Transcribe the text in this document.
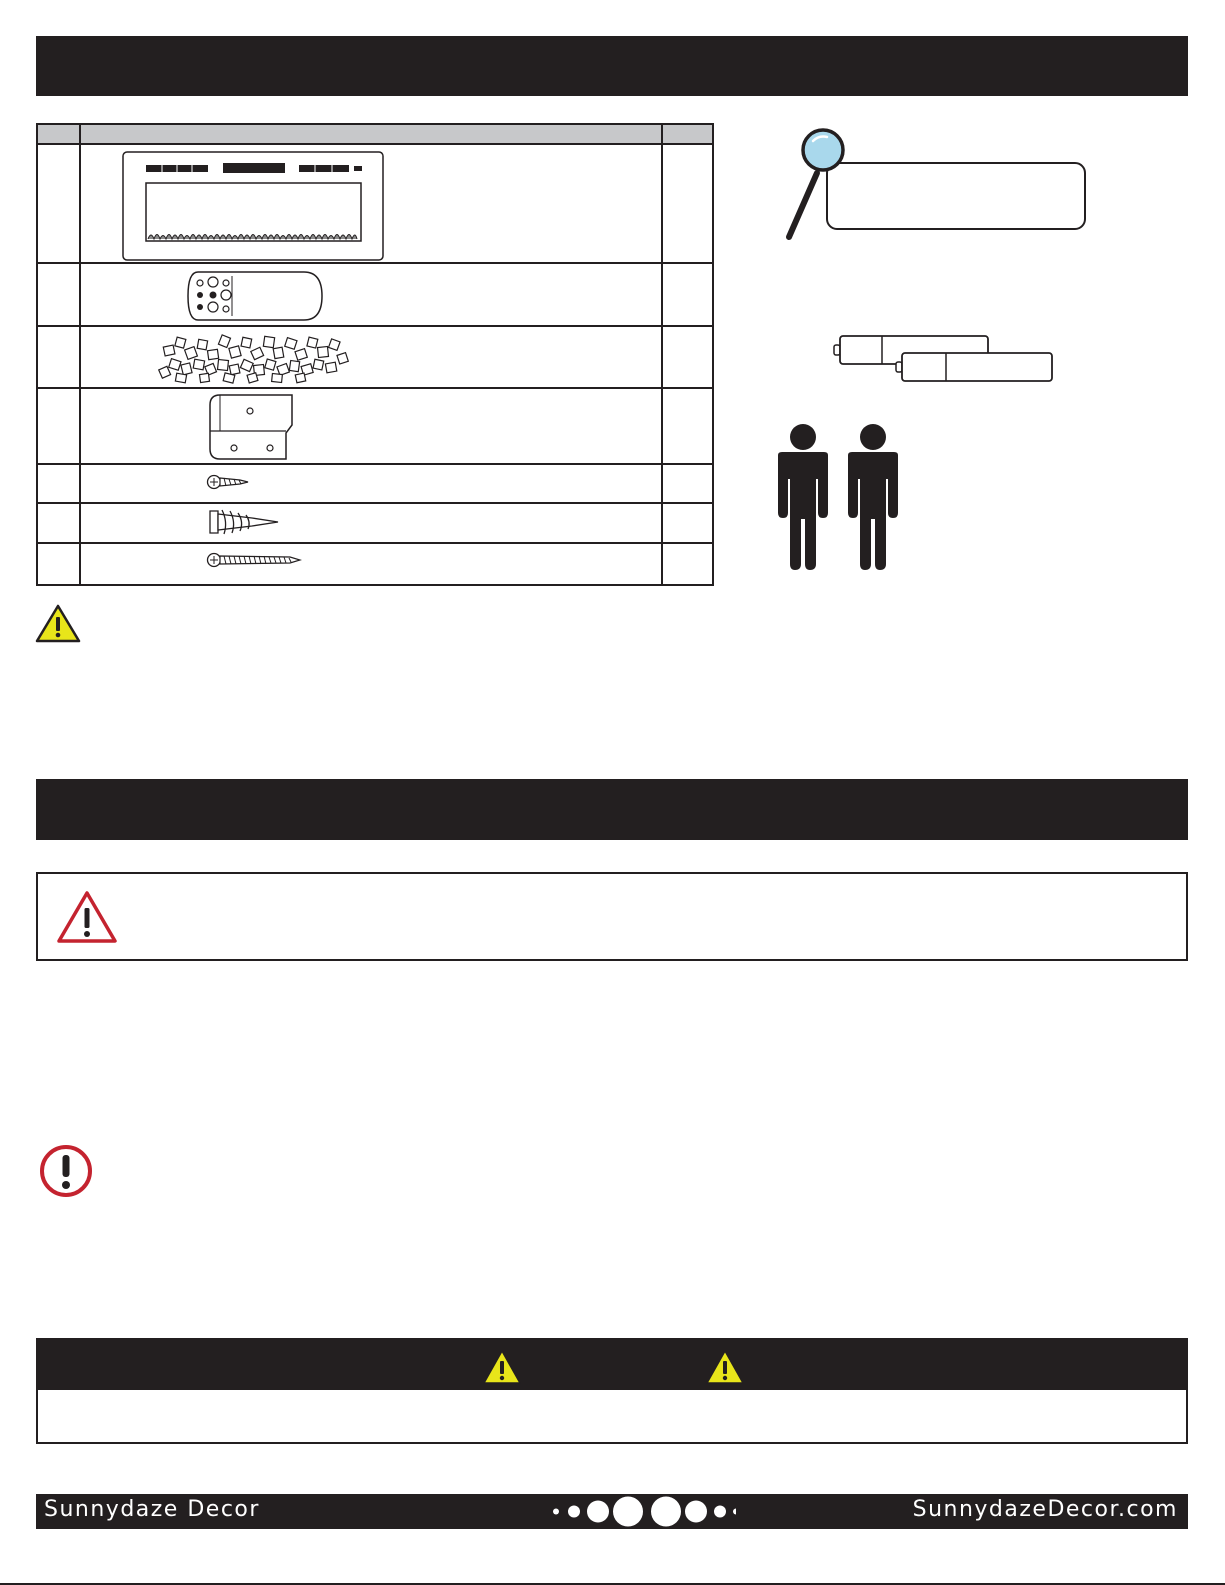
Sunnydaze Decor	SunnydazeDecor.com
